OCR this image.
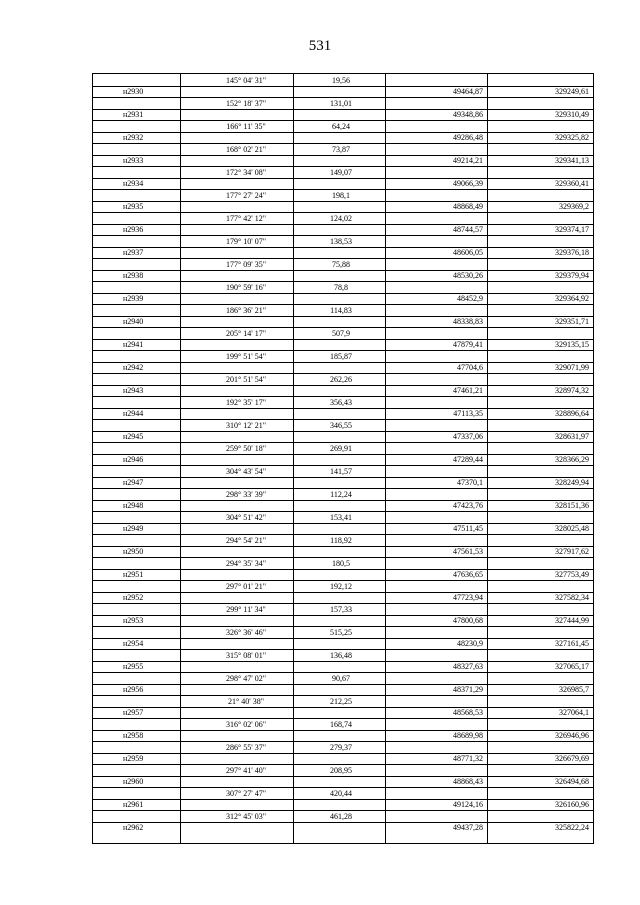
531
145° 04' 31"	19,56
н2930	49464,87	329249,61
152° 18' 37"	131,01
н2931	49348,86	329310,49
166° 11' 35"	64,24
н2932	49286,48	329325,82
168° 02' 21"	73,87
н2933	49214,21	329341,13
172° 34' 08"	149,07
н2934	49066,39	329360,41
177° 27' 24"	198,1
н2935	48868,49	329369,2
177° 42' 12"	124,02
н2936	48744,57	329374,17
179° 10' 07"	138,53
н2937	48606,05	329376,18
177° 09' 35"	75,88
н2938	48530,26	329379,94
190° 59' 16"	78,8
н2939	48452,9	329364,92
186° 36' 21"	114,83
н2940	48338,83	329351,71
205° 14' 17"	507,9
н2941	47879,41	329135,15
199° 51' 54"	185,87
н2942	47704,6	329071,99
201° 51' 54"	262,26
н2943	47461,21	328974,32
192° 35' 17"	356,43
н2944	47113,35	328896,64
310° 12' 21"	346,55
н2945	47337,06	328631,97
259° 50' 18"	269,91
н2946	47289,44	328366,29
304° 43' 54"	141,57
н2947	47370,1	328249,94
298° 33' 39"	112,24
н2948	47423,76	328151,36
304° 51' 42"	153,41
н2949	47511,45	328025,48
294° 54' 21"	118,92
н2950	47561,53	327917,62
294° 35' 34"	180,5
н2951	47636,65	327753,49
297° 01' 21"	192,12
н2952	47723,94	327582,34
299° 11' 34"	157,33
н2953	47800,68	327444,99
326° 36' 46"	515,25
н2954	48230,9	327161,45
315° 08' 01"	136,48
н2955	48327,63	327065,17
298° 47' 02"	90,67
н2956	48371,29	326985,7
21° 40' 38"	212,25
н2957	48568,53	327064,1
316° 02' 06"	168,74
н2958	48689,98	326946,96
286° 55' 37"	279,37
н2959	48771,32	326679,69
297° 41' 40"	208,95
н2960	48868,43	326494,68
307° 27' 47"	420,44
н2961	49124,16	326160,96
312° 45' 03"	461,28
н2962	49437,28	325822,24
